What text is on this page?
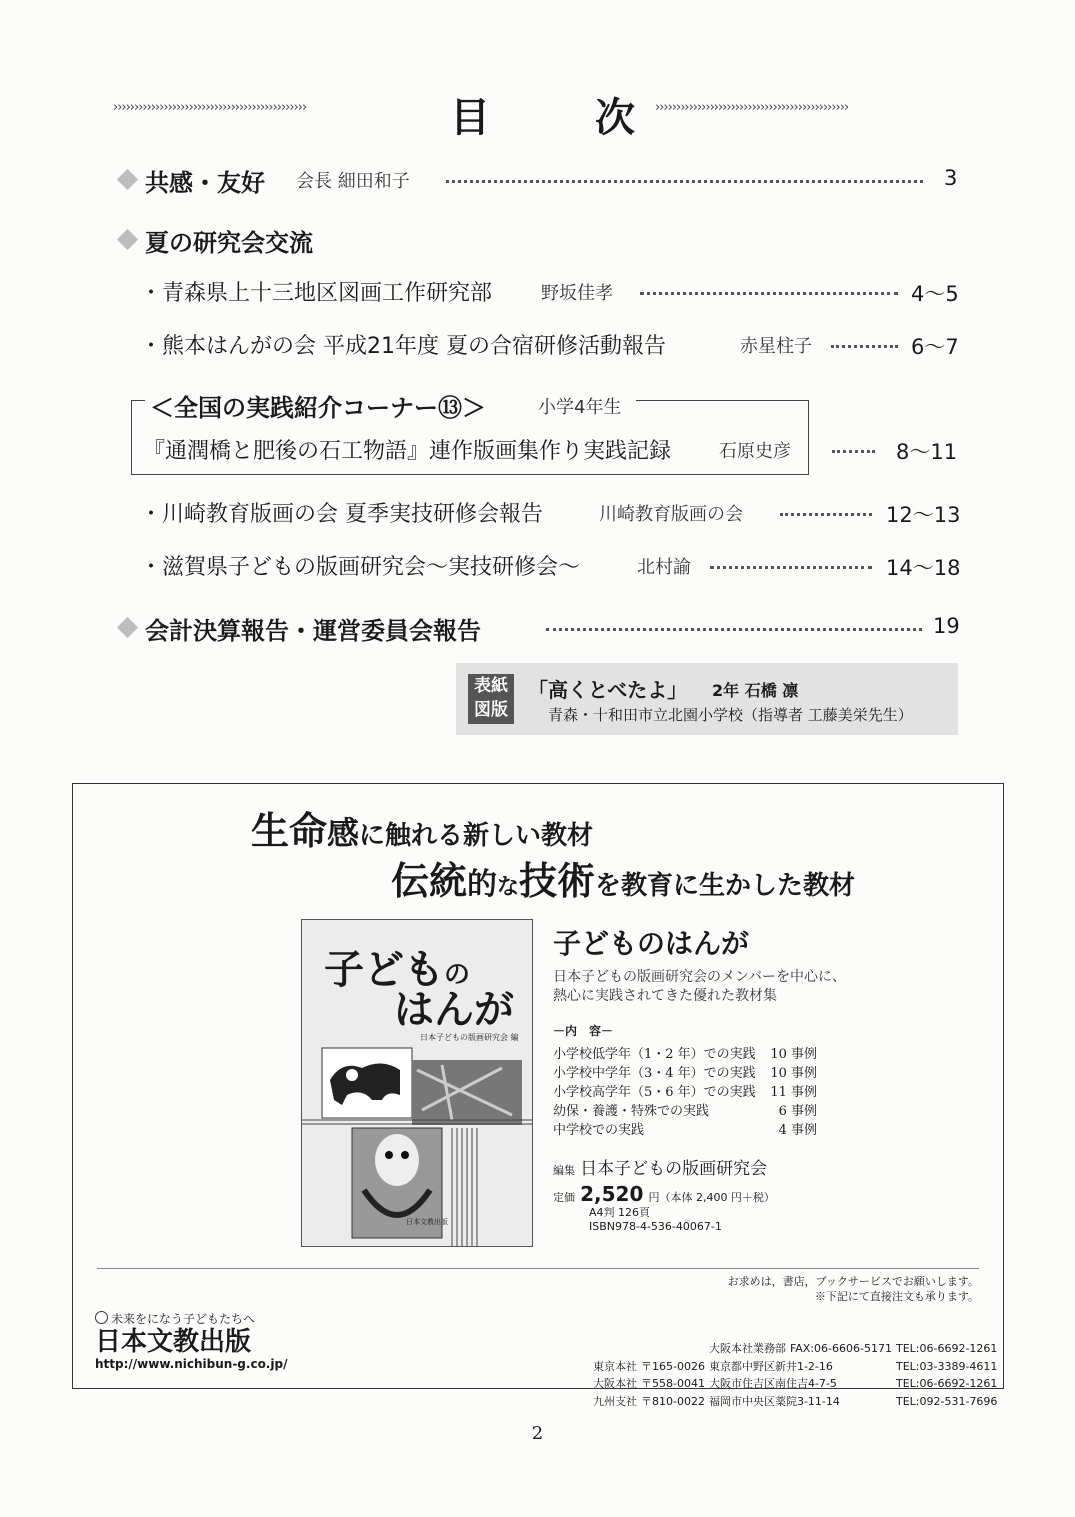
››››››››››››››››››››››››››››››››››››››››››››››	目	次 ››››››››››››››››››››››››››››››››››››››››››››››
共感・友好 会長 細田和子	3
夏の研究会交流
・青森県上十三地区図画工作研究部	野坂佳孝	4〜5
・熊本はんがの会 平成21年度 夏の合宿研修活動報告	赤星柱子	6〜7
＜全国の実践紹介コーナー⑬＞	小学4年生
『通潤橋と肥後の石工物語』連作版画集作り実践記録	石原史彦	8〜11
・川崎教育版画の会 夏季実技研修会報告	川崎教育版画の会	12〜13
・滋賀県子どもの版画研究会〜実技研修会〜	北村諭	14〜18
会計決算報告・運営委員会報告	19
表紙
図版
「高くとべたよ」 2年 石橋 凛
青森・十和田市立北園小学校（指導者 工藤美栄先生）
生命感に触れる新しい教材
伝統的な技術を教育に生かした教材
子どもの
はんが
日本子どもの版画研究会 編
日本文教出版
子どものはんが
日本子どもの版画研究会のメンバーを中心に、
熱心に実践されてきた優れた教材集
－内　容－
小学校低学年（1・2 年）での実践	10 事例
小学校中学年（3・4 年）での実践	10 事例
小学校高学年（5・6 年）での実践	11 事例
幼保・養護・特殊での実践	6 事例
中学校での実践	4 事例
編集 日本子どもの版画研究会
定価 2,520 円（本体 2,400 円＋税）
A4判 126頁
ISBN978-4-536-40067-1
お求めは，書店，ブックサービスでお願いします。
※下記にて直接注文も承ります。
未来をになう子どもたちへ
日本文教出版
http://www.nichibun-g.co.jp/
		大阪本社業務部	FAX:06-6606-5171	TEL:06-6692-1261
東京本社	〒165-0026	東京都中野区新井1-2-16		TEL:03-3389-4611
大阪本社	〒558-0041	大阪市住吉区南住吉4-7-5		TEL:06-6692-1261
九州支社	〒810-0022	福岡市中央区薬院3-11-14		TEL:092-531-7696
2
